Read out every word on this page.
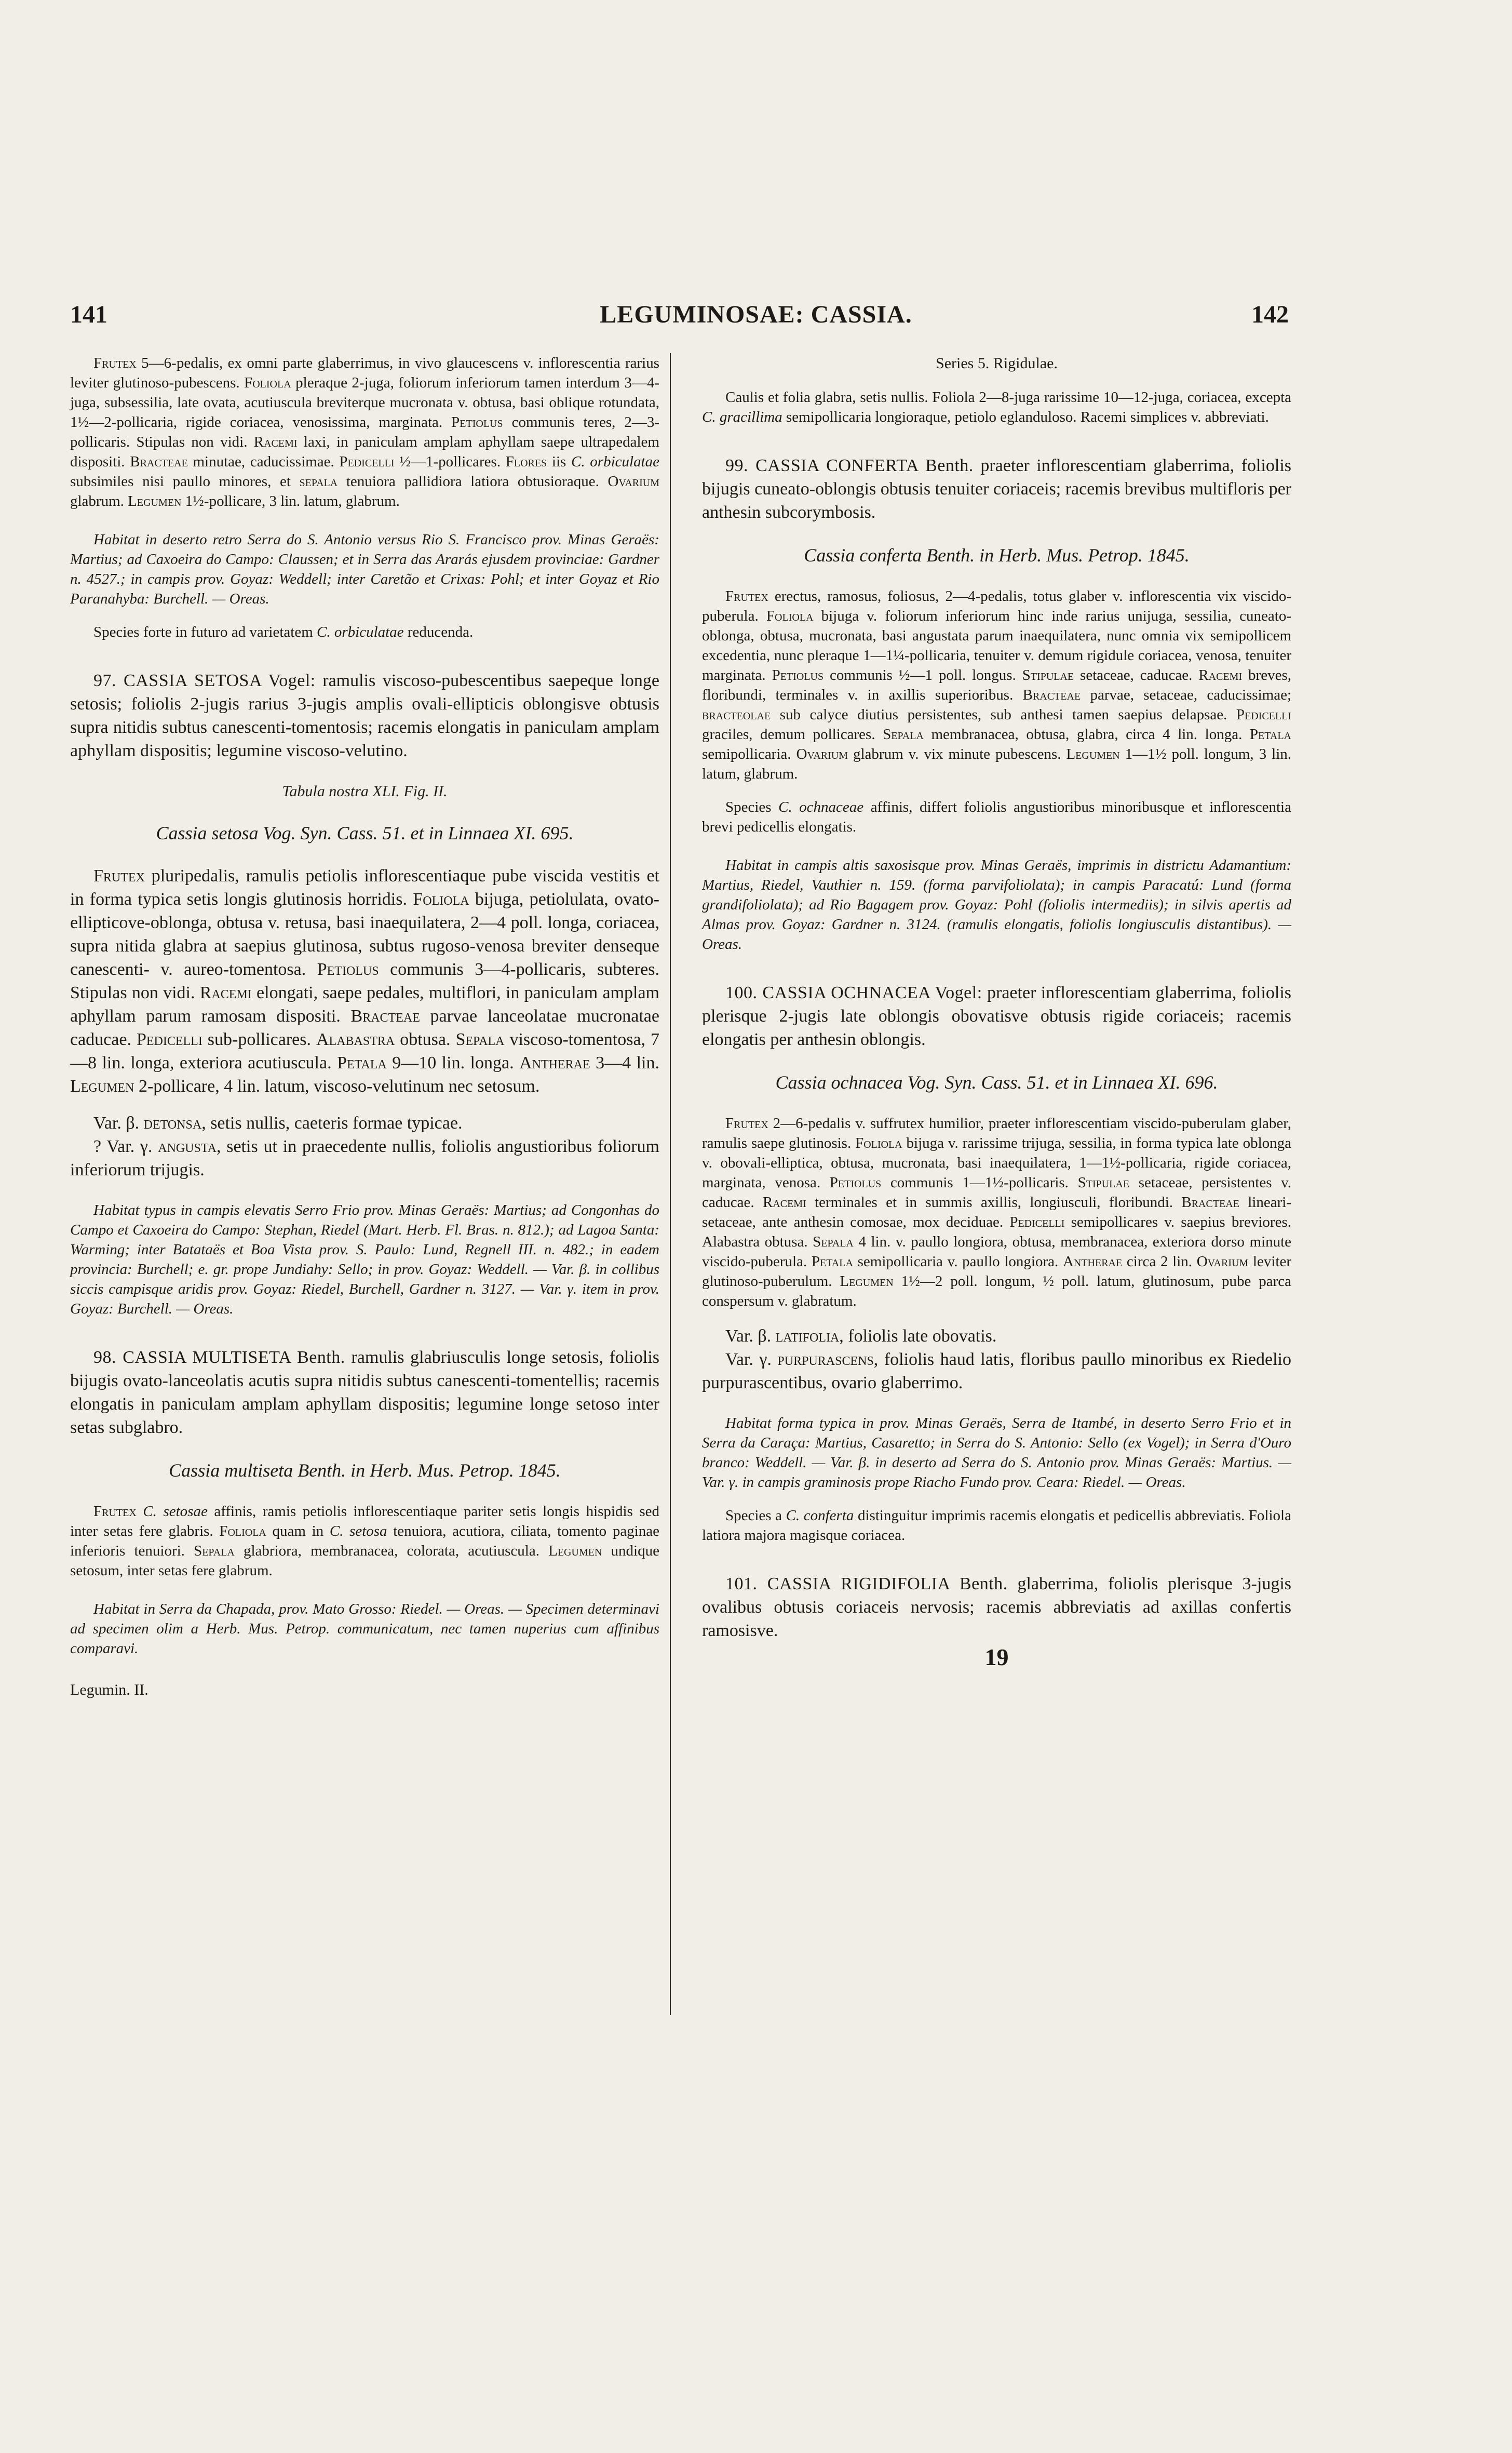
141	LEGUMINOSAE: CASSIA.	142

Frutex 5—6-pedalis, ex omni parte glaberrimus, in vivo glaucescens v. inflorescentia rarius leviter glutinoso-pubescens. Foliola pleraque 2-juga, foliorum inferiorum tamen interdum 3—4-juga, subsessilia, late ovata, acutiuscula breviterque mucronata v. obtusa, basi oblique rotundata, 1½—2-pollicaria, rigide coriacea, venosissima, marginata. Petiolus communis teres, 2—3-pollicaris. Stipulas non vidi. Racemi laxi, in paniculam amplam aphyllam saepe ultrapedalem dispositi. Bracteae minutae, caducissimae. Pedicelli ½—1-pollicares. Flores iis C. orbiculatae subsimiles nisi paullo minores, et sepala tenuiora pallidiora latiora obtusioraque. Ovarium glabrum. Legumen 1½-pollicare, 3 lin. latum, glabrum.

Habitat in deserto retro Serra do S. Antonio versus Rio S. Francisco prov. Minas Geraës: Martius; ad Caxoeira do Campo: Claussen; et in Serra das Ararás ejusdem provinciae: Gardner n. 4527.; in campis prov. Goyaz: Weddell; inter Caretão et Crixas: Pohl; et inter Goyaz et Rio Paranahyba: Burchell. — Oreas.

Species forte in futuro ad varietatem C. orbiculatae reducenda.

97. CASSIA SETOSA Vogel: ramulis viscoso-pubescentibus saepeque longe setosis; foliolis 2-jugis rarius 3-jugis amplis ovali-ellipticis oblongisve obtusis supra nitidis subtus canescenti-tomentosis; racemis elongatis in paniculam amplam aphyllam dispositis; legumine viscoso-velutino.

Tabula nostra XLI. Fig. II.

Cassia setosa Vog. Syn. Cass. 51. et in Linnaea XI. 695.

Frutex pluripedalis, ramulis petiolis inflorescentiaque pube viscida vestitis et in forma typica setis longis glutinosis horridis. Foliola bijuga, petiolulata, ovato-ellipticove-oblonga, obtusa v. retusa, basi inaequilatera, 2—4 poll. longa, coriacea, supra nitida glabra at saepius glutinosa, subtus rugoso-venosa breviter denseque canescenti- v. aureo-tomentosa. Petiolus communis 3—4-pollicaris, subteres. Stipulas non vidi. Racemi elongati, saepe pedales, multiflori, in paniculam amplam aphyllam parum ramosam dispositi. Bracteae parvae lanceolatae mucronatae caducae. Pedicelli sub-pollicares. Alabastra obtusa. Sepala viscoso-tomentosa, 7—8 lin. longa, exteriora acutiuscula. Petala 9—10 lin. longa. Antherae 3—4 lin. Legumen 2-pollicare, 4 lin. latum, viscoso-velutinum nec setosum.

Var. β. detonsa, setis nullis, caeteris formae typicae.

? Var. γ. angusta, setis ut in praecedente nullis, foliolis angustioribus foliorum inferiorum trijugis.

Habitat typus in campis elevatis Serro Frio prov. Minas Geraës: Martius; ad Congonhas do Campo et Caxoeira do Campo: Stephan, Riedel (Mart. Herb. Fl. Bras. n. 812.); ad Lagoa Santa: Warming; inter Batataës et Boa Vista prov. S. Paulo: Lund, Regnell III. n. 482.; in eadem provincia: Burchell; e. gr. prope Jundiahy: Sello; in prov. Goyaz: Weddell. — Var. β. in collibus siccis campisque aridis prov. Goyaz: Riedel, Burchell, Gardner n. 3127. — Var. γ. item in prov. Goyaz: Burchell. — Oreas.

98. CASSIA MULTISETA Benth. ramulis glabriusculis longe setosis, foliolis bijugis ovato-lanceolatis acutis supra nitidis subtus canescenti-tomentellis; racemis elongatis in paniculam amplam aphyllam dispositis; legumine longe setoso inter setas subglabro.

Cassia multiseta Benth. in Herb. Mus. Petrop. 1845.

Frutex C. setosae affinis, ramis petiolis inflorescentiaque pariter setis longis hispidis sed inter setas fere glabris. Foliola quam in C. setosa tenuiora, acutiora, ciliata, tomento paginae inferioris tenuiori. Sepala glabriora, membranacea, colorata, acutiuscula. Legumen undique setosum, inter setas fere glabrum.

Habitat in Serra da Chapada, prov. Mato Grosso: Riedel. — Oreas. — Specimen determinavi ad specimen olim a Herb. Mus. Petrop. communicatum, nec tamen nuperius cum affinibus comparavi.

Legumin. II.

Series 5. Rigidulae.

Caulis et folia glabra, setis nullis. Foliola 2—8-juga rarissime 10—12-juga, coriacea, excepta C. gracillima semipollicaria longioraque, petiolo eglanduloso. Racemi simplices v. abbreviati.

99. CASSIA CONFERTA Benth. praeter inflorescentiam glaberrima, foliolis bijugis cuneato-oblongis obtusis tenuiter coriaceis; racemis brevibus multifloris per anthesin subcorymbosis.

Cassia conferta Benth. in Herb. Mus. Petrop. 1845.

Frutex erectus, ramosus, foliosus, 2—4-pedalis, totus glaber v. inflorescentia vix viscido-puberula. Foliola bijuga v. foliorum inferiorum hinc inde rarius unijuga, sessilia, cuneato-oblonga, obtusa, mucronata, basi angustata parum inaequilatera, nunc omnia vix semipollicem excedentia, nunc pleraque 1—1¼-pollicaria, tenuiter v. demum rigidule coriacea, venosa, tenuiter marginata. Petiolus communis ½—1 poll. longus. Stipulae setaceae, caducae. Racemi breves, floribundi, terminales v. in axillis superioribus. Bracteae parvae, setaceae, caducissimae; bracteolae sub calyce diutius persistentes, sub anthesi tamen saepius delapsae. Pedicelli graciles, demum pollicares. Sepala membranacea, obtusa, glabra, circa 4 lin. longa. Petala semipollicaria. Ovarium glabrum v. vix minute pubescens. Legumen 1—1½ poll. longum, 3 lin. latum, glabrum.

Species C. ochnaceae affinis, differt foliolis angustioribus minoribusque et inflorescentia brevi pedicellis elongatis.

Habitat in campis altis saxosisque prov. Minas Geraës, imprimis in districtu Adamantium: Martius, Riedel, Vauthier n. 159. (forma parvifoliolata); in campis Paracatú: Lund (forma grandifoliolata); ad Rio Bagagem prov. Goyaz: Pohl (foliolis intermediis); in silvis apertis ad Almas prov. Goyaz: Gardner n. 3124. (ramulis elongatis, foliolis longiusculis distantibus). — Oreas.

100. CASSIA OCHNACEA Vogel: praeter inflorescentiam glaberrima, foliolis plerisque 2-jugis late oblongis obovatisve obtusis rigide coriaceis; racemis elongatis per anthesin oblongis.

Cassia ochnacea Vog. Syn. Cass. 51. et in Linnaea XI. 696.

Frutex 2—6-pedalis v. suffrutex humilior, praeter inflorescentiam viscido-puberulam glaber, ramulis saepe glutinosis. Foliola bijuga v. rarissime trijuga, sessilia, in forma typica late oblonga v. obovali-elliptica, obtusa, mucronata, basi inaequilatera, 1—1½-pollicaria, rigide coriacea, marginata, venosa. Petiolus communis 1—1½-pollicaris. Stipulae setaceae, persistentes v. caducae. Racemi terminales et in summis axillis, longiusculi, floribundi. Bracteae lineari-setaceae, ante anthesin comosae, mox deciduae. Pedicelli semipollicares v. saepius breviores. Alabastra obtusa. Sepala 4 lin. v. paullo longiora, obtusa, membranacea, exteriora dorso minute viscido-puberula. Petala semipollicaria v. paullo longiora. Antherae circa 2 lin. Ovarium leviter glutinoso-puberulum. Legumen 1½—2 poll. longum, ½ poll. latum, glutinosum, pube parca conspersum v. glabratum.

Var. β. latifolia, foliolis late obovatis.

Var. γ. purpurascens, foliolis haud latis, floribus paullo minoribus ex Riedelio purpurascentibus, ovario glaberrimo.

Habitat forma typica in prov. Minas Geraës, Serra de Itambé, in deserto Serro Frio et in Serra da Caraça: Martius, Casaretto; in Serra do S. Antonio: Sello (ex Vogel); in Serra d'Ouro branco: Weddell. — Var. β. in deserto ad Serra do S. Antonio prov. Minas Geraës: Martius. — Var. γ. in campis graminosis prope Riacho Fundo prov. Ceara: Riedel. — Oreas.

Species a C. conferta distinguitur imprimis racemis elongatis et pedicellis abbreviatis. Foliola latiora majora magisque coriacea.

101. CASSIA RIGIDIFOLIA Benth. glaberrima, foliolis plerisque 3-jugis ovalibus obtusis coriaceis nervosis; racemis abbreviatis ad axillas confertis ramosisve.

19
